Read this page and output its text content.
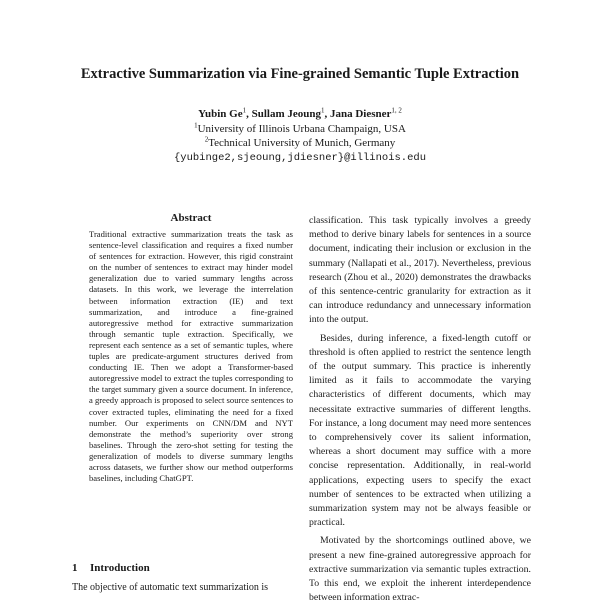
Extractive Summarization via Fine-grained Semantic Tuple Extraction
Yubin Ge$^1$, Sullam Jeoung$^1$, Jana Diesner$^{1, 2}$
$^1$University of Illinois Urbana Champaign, USA
$^2$Technical University of Munich, Germany
{yubinge2,sjeoung,jdiesner}@illinois.edu
Abstract
Traditional extractive summarization treats the task as sentence-level classification and requires a fixed number of sentences for extraction. However, this rigid constraint on the number of sentences to extract may hinder model generalization due to varied summary lengths across datasets. In this work, we leverage the interrelation between information extraction (IE) and text summarization, and introduce a fine-grained autoregressive method for extractive summarization through semantic tuple extraction. Specifically, we represent each sentence as a set of semantic tuples, where tuples are predicate-argument structures derived from conducting IE. Then we adopt a Transformer-based autoregressive model to extract the tuples corresponding to the target summary given a source document. In inference, a greedy approach is proposed to select source sentences to cover extracted tuples, eliminating the need for a fixed number. Our experiments on CNN/DM and NYT demonstrate the method’s superiority over strong baselines. Through the zero-shot setting for testing the generalization of models to diverse summary lengths across datasets, we further show our method outperforms baselines, including ChatGPT.
1 Introduction
The objective of automatic text summarization is

classification. This task typically involves a greedy method to derive binary labels for sentences in a source document, indicating their inclusion or exclusion in the summary (Nallapati et al., 2017). Nevertheless, previous research (Zhou et al., 2020) demonstrates the drawbacks of this sentence-centric granularity for extraction as it can introduce redundancy and unnecessary information into the output.

Besides, during inference, a fixed-length cutoff or threshold is often applied to restrict the sentence length of the output summary. This practice is inherently limited as it fails to accommodate the varying characteristics of different documents, which may necessitate extractive summaries of different lengths. For instance, a long document may need more sentences to comprehensively cover its salient information, whereas a short document may suffice with a more concise representation. Additionally, in real-world applications, expecting users to specify the exact number of sentences to be extracted when utilizing a summarization system may not be always feasible or practical.

Motivated by the shortcomings outlined above, we present a new fine-grained autoregressive approach for extractive summarization via semantic tuples extraction. To this end, we exploit the inherent interdependence between information extrac-
